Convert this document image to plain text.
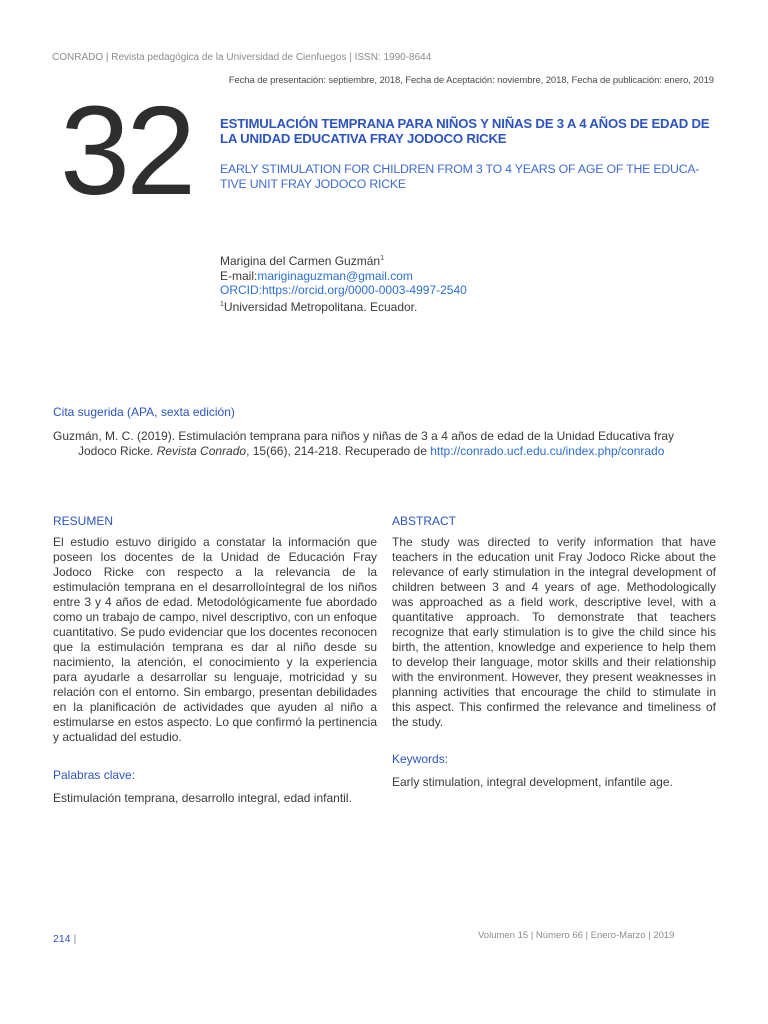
CONRADO | Revista pedagógica de la Universidad de Cienfuegos | ISSN: 1990-8644
Fecha de presentación: septiembre, 2018, Fecha de Aceptación: noviembre, 2018, Fecha de publicación: enero, 2019
32 ESTIMULACIÓN TEMPRANA PARA NIÑOS Y NIÑAS DE 3 A 4 AÑOS DE EDAD DE LA UNIDAD EDUCATIVA FRAY JODOCO RICKE
EARLY STIMULATION FOR CHILDREN FROM 3 TO 4 YEARS OF AGE OF THE EDUCA-TIVE UNIT FRAY JODOCO RICKE
Marigina del Carmen Guzmán$^1$
E-mail:mariginaguzman@gmail.com
ORCID:https://orcid.org/0000-0003-4997-2540
$^1$Universidad Metropolitana. Ecuador.
Cita sugerida (APA, sexta edición)
Guzmán, M. C. (2019). Estimulación temprana para niños y niñas de 3 a 4 años de edad de la Unidad Educativa fray
Jodoco Ricke. Revista Conrado, 15(66), 214-218. Recuperado de http://conrado.ucf.edu.cu/index.php/conrado
RESUMEN
El estudio estuvo dirigido a constatar la información que poseen los docentes de la Unidad de Educación Fray Jodoco Ricke con respecto a la relevancia de la estimulación temprana en el desarrolloíntegral de los niños entre 3 y 4 años de edad. Metodológicamente fue abordado como un trabajo de campo, nivel descriptivo, con un enfoque cuantitativo. Se pudo evidenciar que los docentes reconocen que la estimulación temprana es dar al niño desde su nacimiento, la atención, el conocimiento y la experiencia para ayudarle a desarrollar su lenguaje, motricidad y su relación con el entorno. Sin embargo, presentan debilidades en la planificación de actividades que ayuden al niño a estimularse en estos aspecto. Lo que confirmó la pertinencia y actualidad del estudio.
Palabras clave:
Estimulación temprana, desarrollo integral, edad infantil.
ABSTRACT
The study was directed to verify information that have teachers in the education unit Fray Jodoco Ricke about the relevance of early stimulation in the integral development of children between 3 and 4 years of age. Methodologically was approached as a field work, descriptive level, with a quantitative approach. To demonstrate that teachers recognize that early stimulation is to give the child since his birth, the attention, knowledge and experience to help them to develop their language, motor skills and their relationship with the environment. However, they present weaknesses in planning activities that encourage the child to stimulate in this aspect. This confirmed the relevance and timeliness of the study.
Keywords:
Early stimulation, integral development, infantile age.
214 |	Volumen 15 | Número 66 | Enero-Marzo | 2019
